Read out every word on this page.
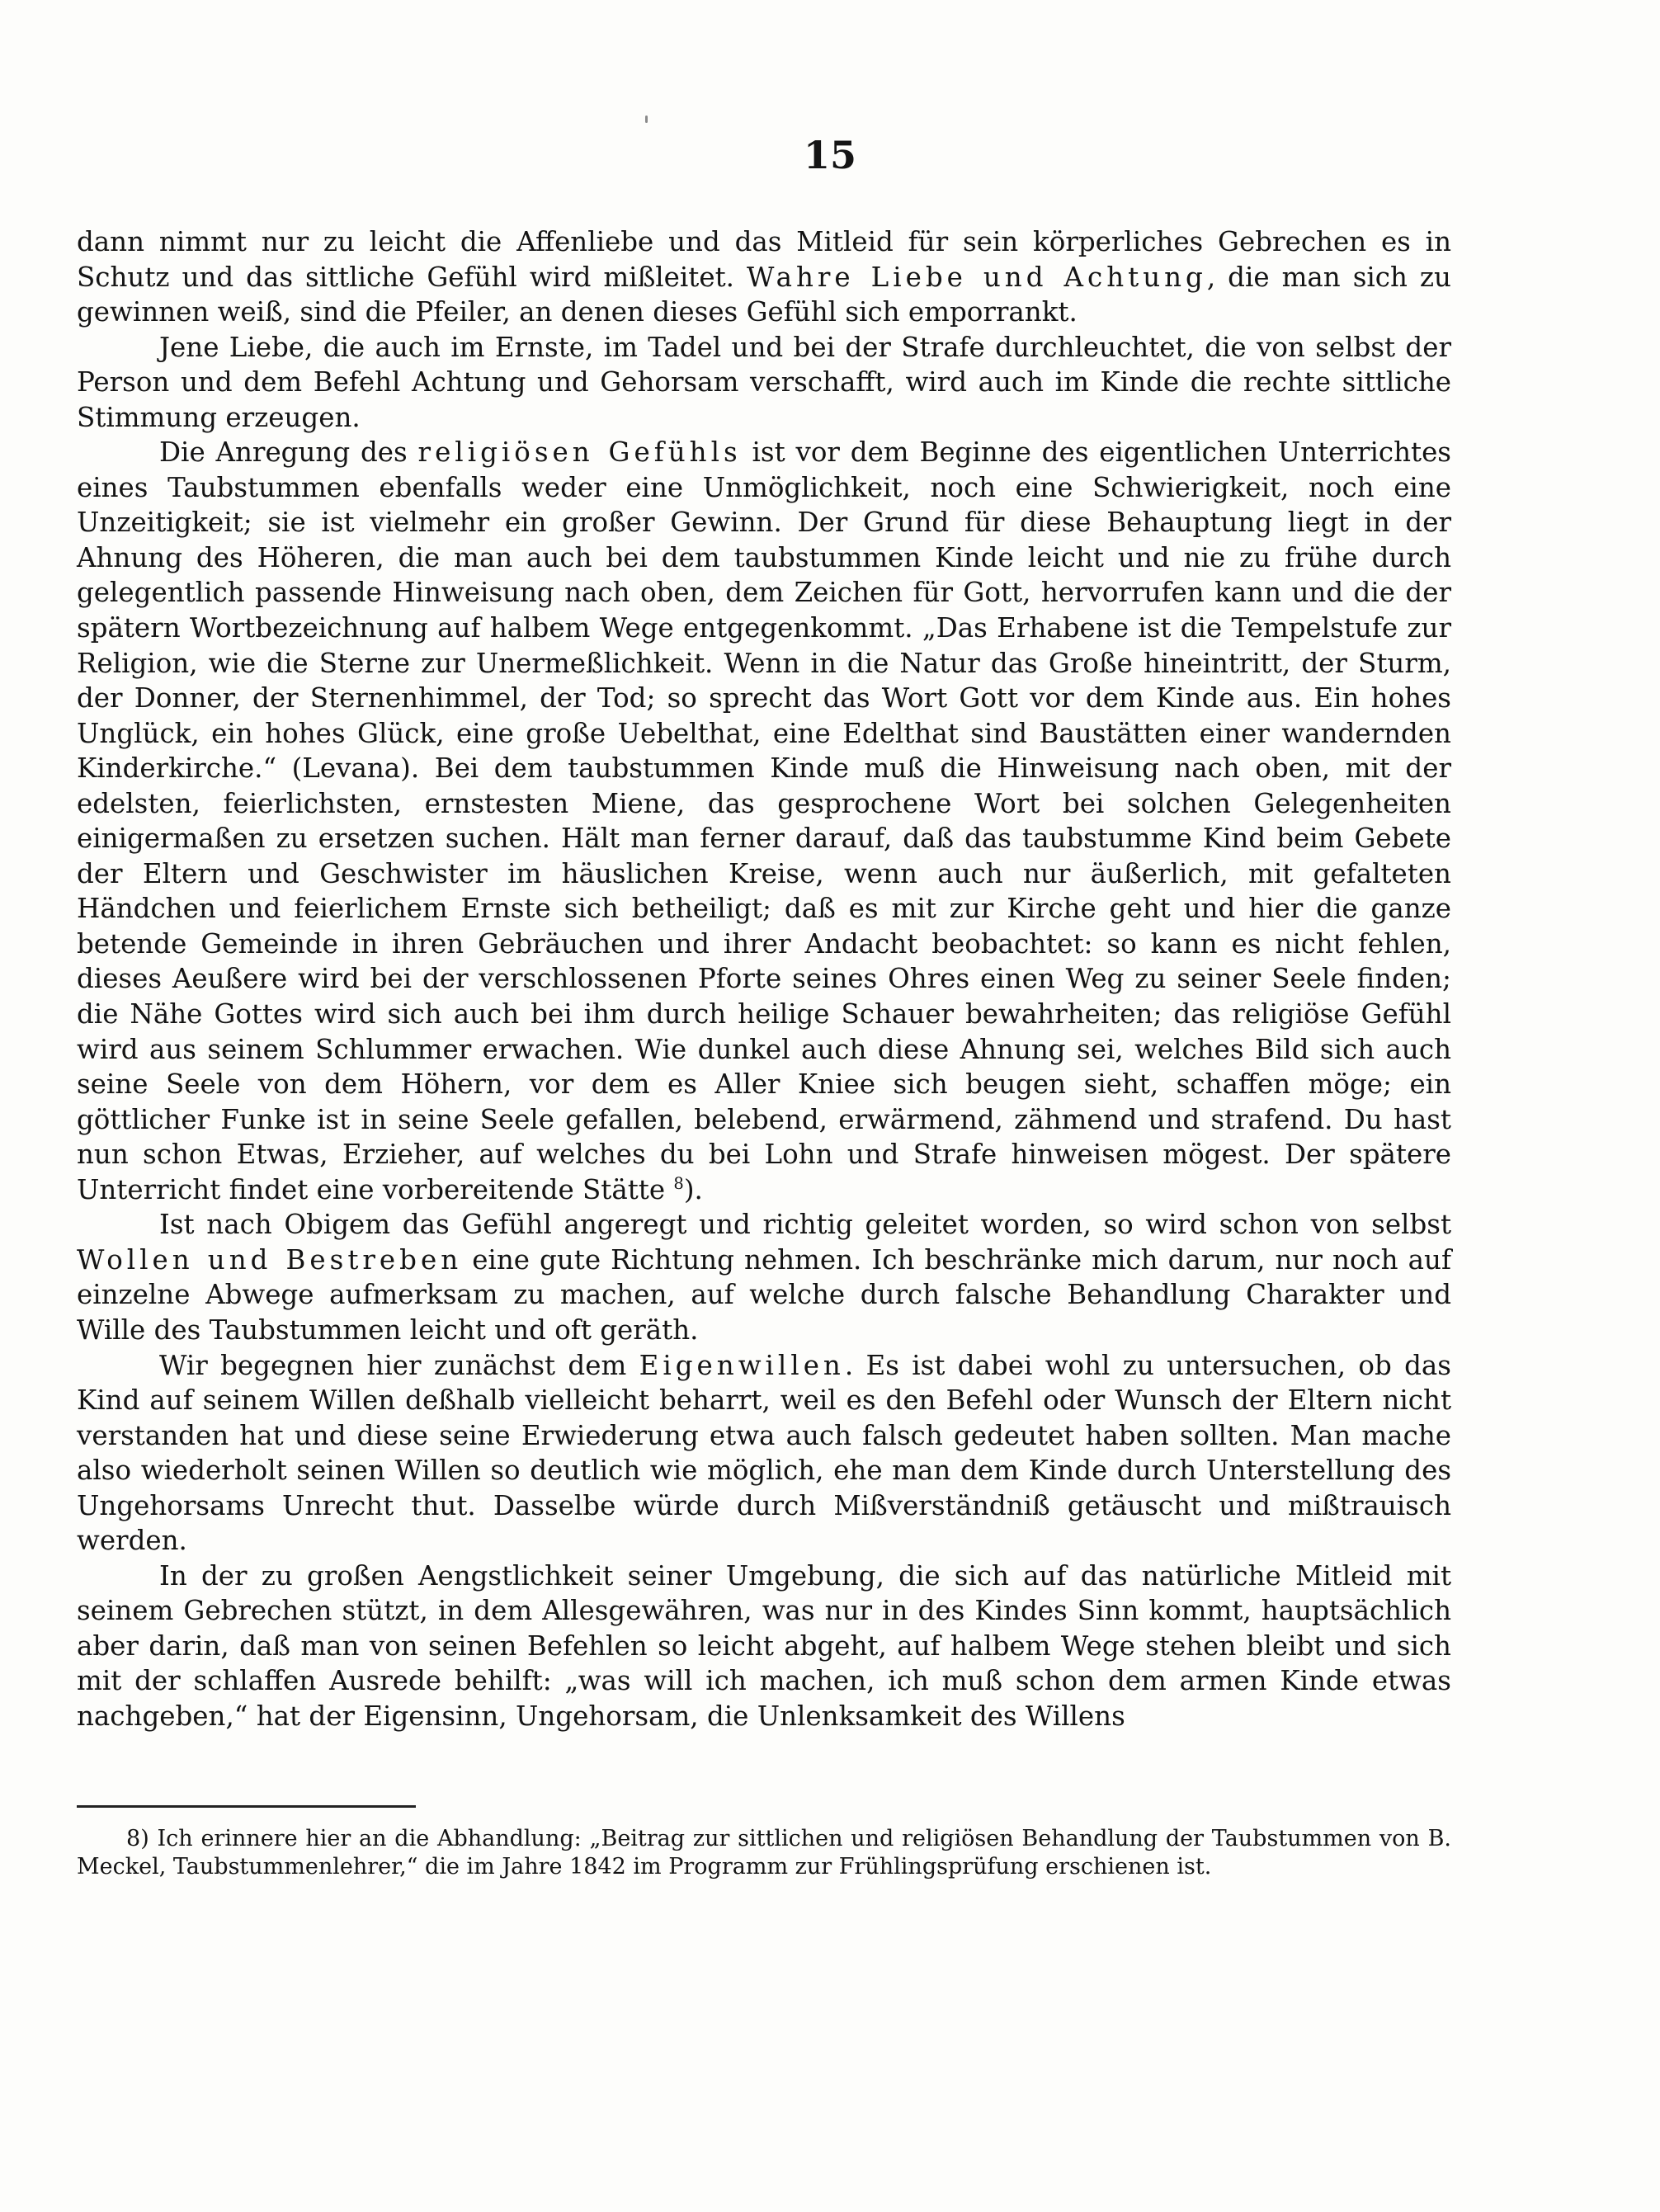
15

dann nimmt nur zu leicht die Affenliebe und das Mitleid für sein körperliches Gebrechen es in Schutz und das sittliche Gefühl wird mißleitet. Wahre Liebe und Achtung, die man sich zu gewinnen weiß, sind die Pfeiler, an denen dieses Gefühl sich emporrankt.

Jene Liebe, die auch im Ernste, im Tadel und bei der Strafe durchleuchtet, die von selbst der Person und dem Befehl Achtung und Gehorsam verschafft, wird auch im Kinde die rechte sittliche Stimmung erzeugen.

Die Anregung des religiösen Gefühls ist vor dem Beginne des eigentlichen Unterrichtes eines Taubstummen ebenfalls weder eine Unmöglichkeit, noch eine Schwierigkeit, noch eine Unzeitigkeit; sie ist vielmehr ein großer Gewinn. Der Grund für diese Behauptung liegt in der Ahnung des Höheren, die man auch bei dem taubstummen Kinde leicht und nie zu frühe durch gelegentlich passende Hinweisung nach oben, dem Zeichen für Gott, hervorrufen kann und die der spätern Wortbezeichnung auf halbem Wege entgegenkommt. „Das Erhabene ist die Tempelstufe zur Religion, wie die Sterne zur Unermeßlichkeit. Wenn in die Natur das Große hineintritt, der Sturm, der Donner, der Sternenhimmel, der Tod; so sprecht das Wort Gott vor dem Kinde aus. Ein hohes Unglück, ein hohes Glück, eine große Uebelthat, eine Edelthat sind Baustätten einer wandernden Kinderkirche.“ (Levana). Bei dem taubstummen Kinde muß die Hinweisung nach oben, mit der edelsten, feierlichsten, ernstesten Miene, das gesprochene Wort bei solchen Gelegenheiten einigermaßen zu ersetzen suchen. Hält man ferner darauf, daß das taubstumme Kind beim Gebete der Eltern und Geschwister im häuslichen Kreise, wenn auch nur äußerlich, mit gefalteten Händchen und feierlichem Ernste sich betheiligt; daß es mit zur Kirche geht und hier die ganze betende Gemeinde in ihren Gebräuchen und ihrer Andacht beobachtet: so kann es nicht fehlen, dieses Aeußere wird bei der verschlossenen Pforte seines Ohres einen Weg zu seiner Seele finden; die Nähe Gottes wird sich auch bei ihm durch heilige Schauer bewahrheiten; das religiöse Gefühl wird aus seinem Schlummer erwachen. Wie dunkel auch diese Ahnung sei, welches Bild sich auch seine Seele von dem Höhern, vor dem es Aller Kniee sich beugen sieht, schaffen möge; ein göttlicher Funke ist in seine Seele gefallen, belebend, erwärmend, zähmend und strafend. Du hast nun schon Etwas, Erzieher, auf welches du bei Lohn und Strafe hinweisen mögest. Der spätere Unterricht findet eine vorbereitende Stätte $^8$).

Ist nach Obigem das Gefühl angeregt und richtig geleitet worden, so wird schon von selbst Wollen und Bestreben eine gute Richtung nehmen. Ich beschränke mich darum, nur noch auf einzelne Abwege aufmerksam zu machen, auf welche durch falsche Behandlung Charakter und Wille des Taubstummen leicht und oft geräth.

Wir begegnen hier zunächst dem Eigenwillen. Es ist dabei wohl zu untersuchen, ob das Kind auf seinem Willen deßhalb vielleicht beharrt, weil es den Befehl oder Wunsch der Eltern nicht verstanden hat und diese seine Erwiederung etwa auch falsch gedeutet haben sollten. Man mache also wiederholt seinen Willen so deutlich wie möglich, ehe man dem Kinde durch Unterstellung des Ungehorsams Unrecht thut. Dasselbe würde durch Mißverständniß getäuscht und mißtrauisch werden.

In der zu großen Aengstlichkeit seiner Umgebung, die sich auf das natürliche Mitleid mit seinem Gebrechen stützt, in dem Allesgewähren, was nur in des Kindes Sinn kommt, hauptsächlich aber darin, daß man von seinen Befehlen so leicht abgeht, auf halbem Wege stehen bleibt und sich mit der schlaffen Ausrede behilft: „was will ich machen, ich muß schon dem armen Kinde etwas nachgeben,“ hat der Eigensinn, Ungehorsam, die Unlenksamkeit des Willens

8) Ich erinnere hier an die Abhandlung: „Beitrag zur sittlichen und religiösen Behandlung der Taubstummen von B. Meckel, Taubstummenlehrer,“ die im Jahre 1842 im Programm zur Frühlingsprüfung erschienen ist.
